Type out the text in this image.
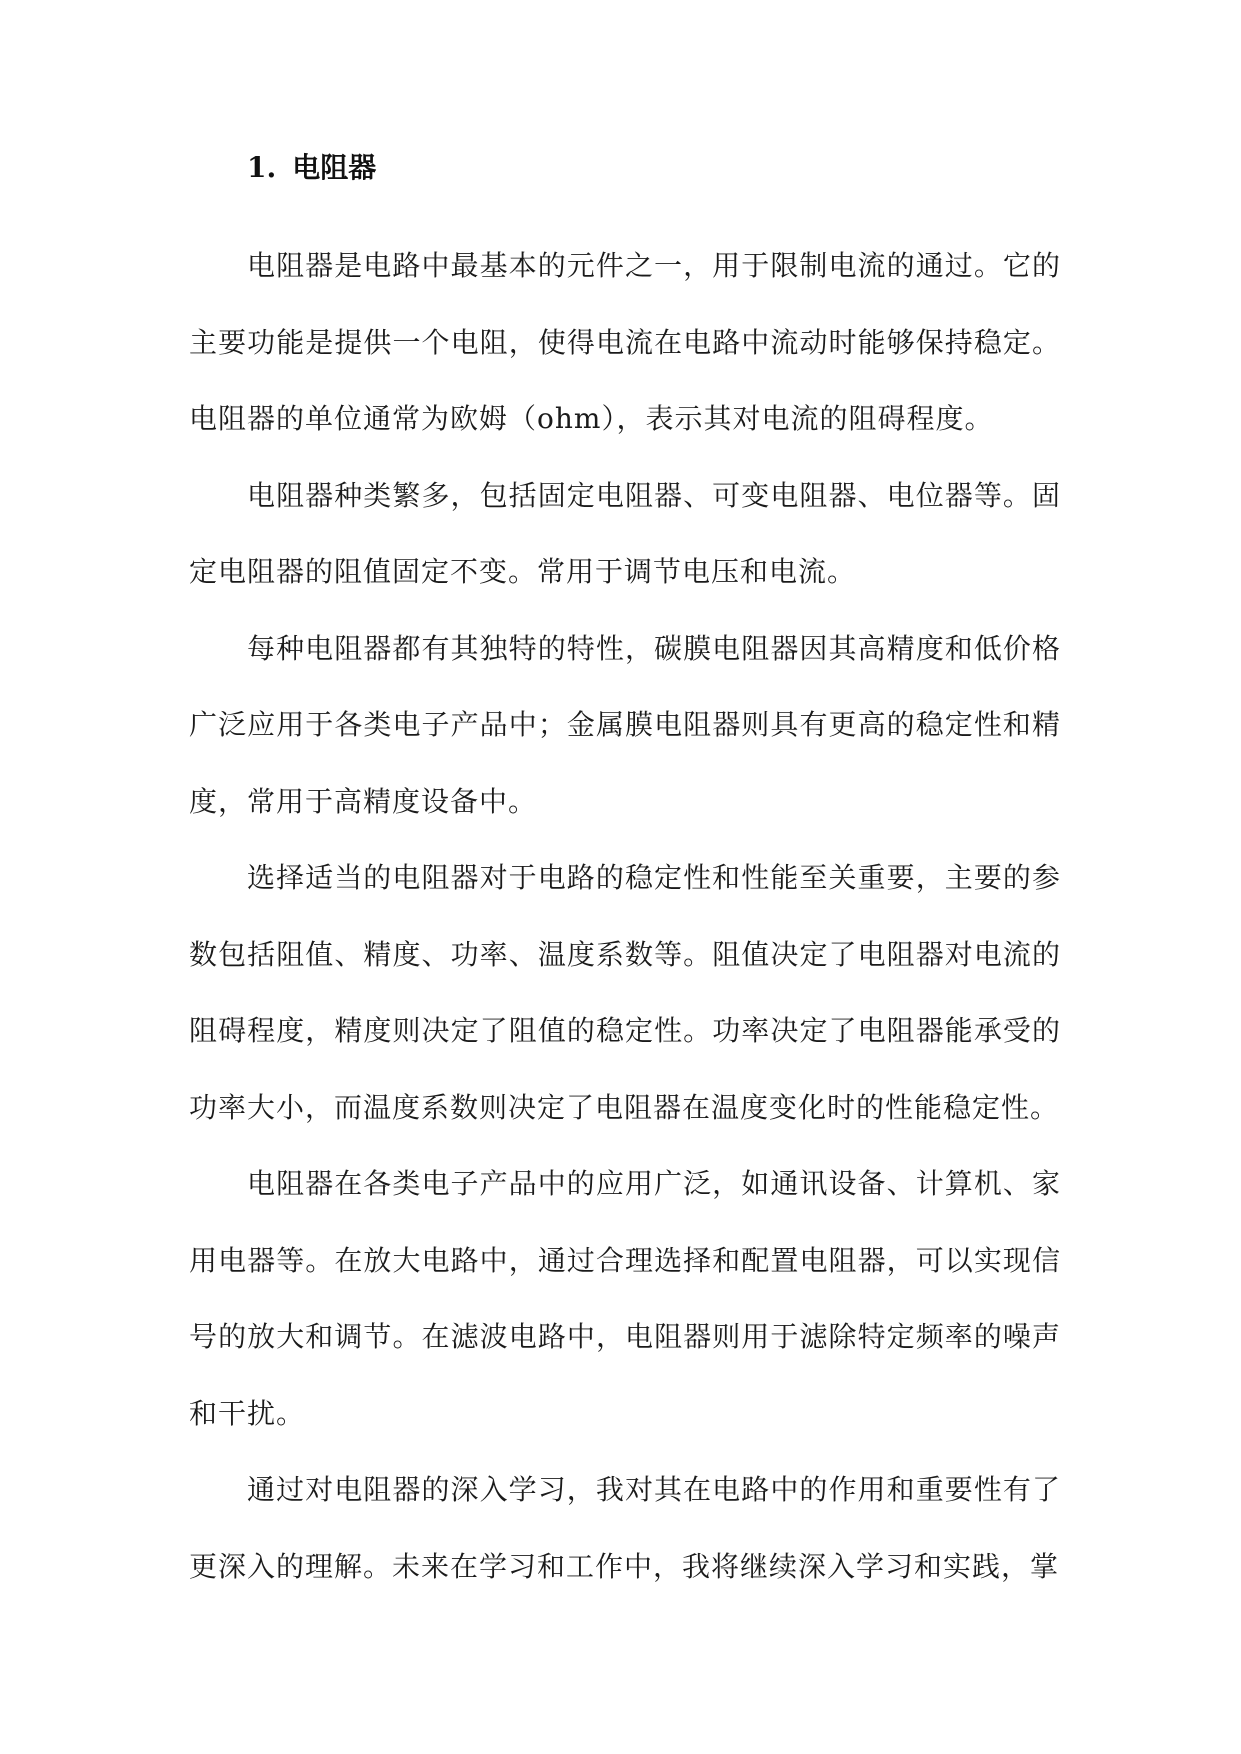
1. 电阻器

电阻器是电路中最基本的元件之一，用于限制电流的通过。它的主要功能是提供一个电阻，使得电流在电路中流动时能够保持稳定。电阻器的单位通常为欧姆（ohm），表示其对电流的阻碍程度。

电阻器种类繁多，包括固定电阻器、可变电阻器、电位器等。固定电阻器的阻值固定不变。常用于调节电压和电流。

每种电阻器都有其独特的特性，碳膜电阻器因其高精度和低价格广泛应用于各类电子产品中；金属膜电阻器则具有更高的稳定性和精度，常用于高精度设备中。

选择适当的电阻器对于电路的稳定性和性能至关重要，主要的参数包括阻值、精度、功率、温度系数等。阻值决定了电阻器对电流的阻碍程度，精度则决定了阻值的稳定性。功率决定了电阻器能承受的功率大小，而温度系数则决定了电阻器在温度变化时的性能稳定性。

电阻器在各类电子产品中的应用广泛，如通讯设备、计算机、家用电器等。在放大电路中，通过合理选择和配置电阻器，可以实现信号的放大和调节。在滤波电路中，电阻器则用于滤除特定频率的噪声和干扰。

通过对电阻器的深入学习，我对其在电路中的作用和重要性有了更深入的理解。未来在学习和工作中，我将继续深入学习和实践，掌
